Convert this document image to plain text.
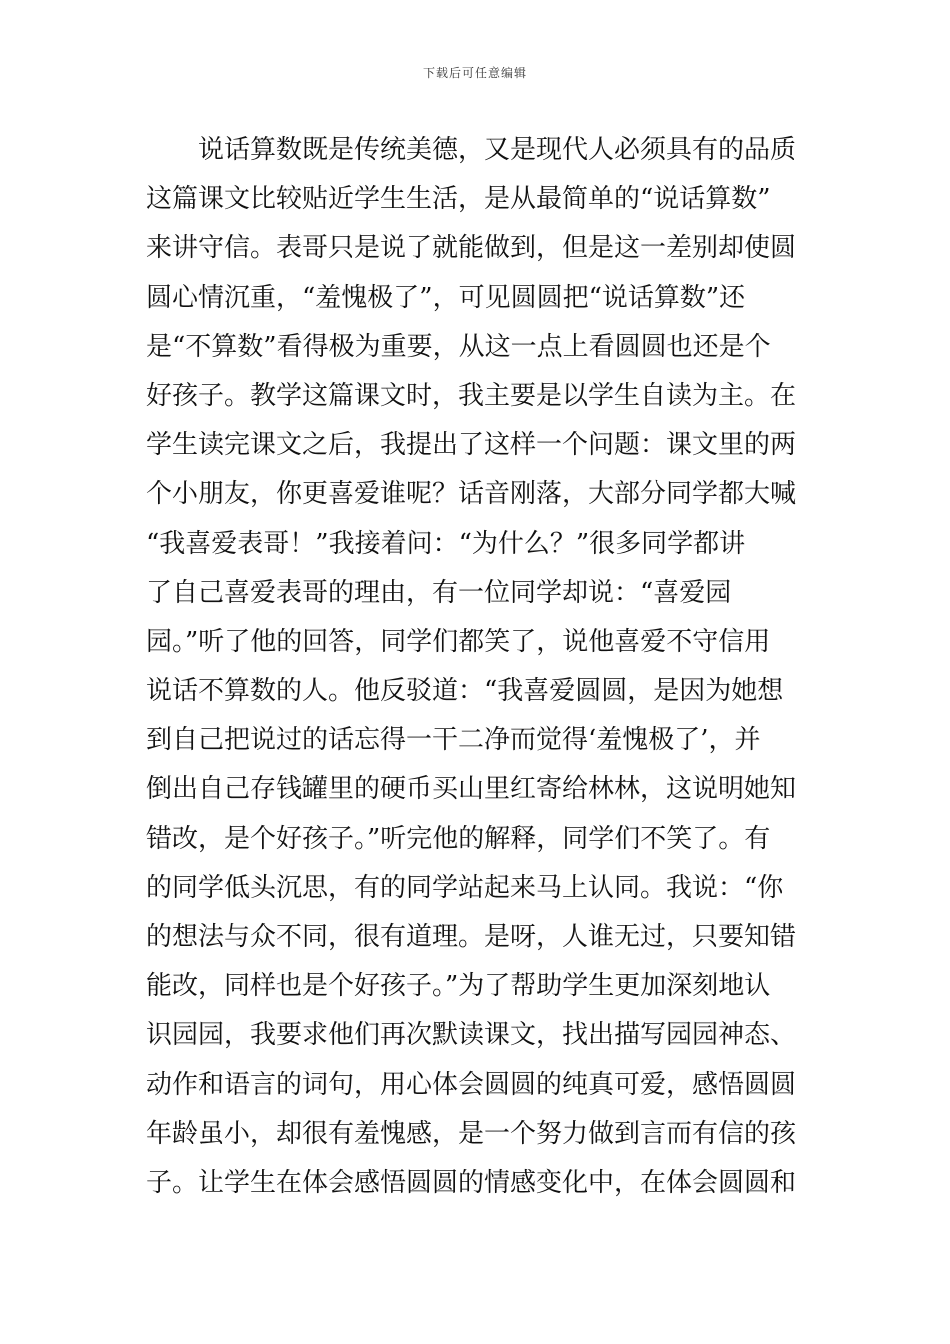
下载后可任意编辑
　　说话算数既是传统美德，又是现代人必须具有的品质
这篇课文比较贴近学生生活，是从最简单的“说话算数”
来讲守信。表哥只是说了就能做到，但是这一差别却使圆
圆心情沉重，“羞愧极了”，可见圆圆把“说话算数”还
是“不算数”看得极为重要，从这一点上看圆圆也还是个
好孩子。教学这篇课文时，我主要是以学生自读为主。在
学生读完课文之后，我提出了这样一个问题：课文里的两
个小朋友，你更喜爱谁呢？话音刚落，大部分同学都大喊
“我喜爱表哥！”我接着问：“为什么？”很多同学都讲
了自己喜爱表哥的理由，有一位同学却说：“喜爱园
园。”听了他的回答，同学们都笑了，说他喜爱不守信用
说话不算数的人。他反驳道：“我喜爱圆圆，是因为她想
到自己把说过的话忘得一干二净而觉得‘羞愧极了’，并
倒出自己存钱罐里的硬币买山里红寄给林林，这说明她知
错改，是个好孩子。”听完他的解释，同学们不笑了。有
的同学低头沉思，有的同学站起来马上认同。我说：“你
的想法与众不同，很有道理。是呀，人谁无过，只要知错
能改，同样也是个好孩子。”为了帮助学生更加深刻地认
识园园，我要求他们再次默读课文，找出描写园园神态、
动作和语言的词句，用心体会圆圆的纯真可爱，感悟圆圆
年龄虽小，却很有羞愧感，是一个努力做到言而有信的孩
子。让学生在体会感悟圆圆的情感变化中，在体会圆圆和
